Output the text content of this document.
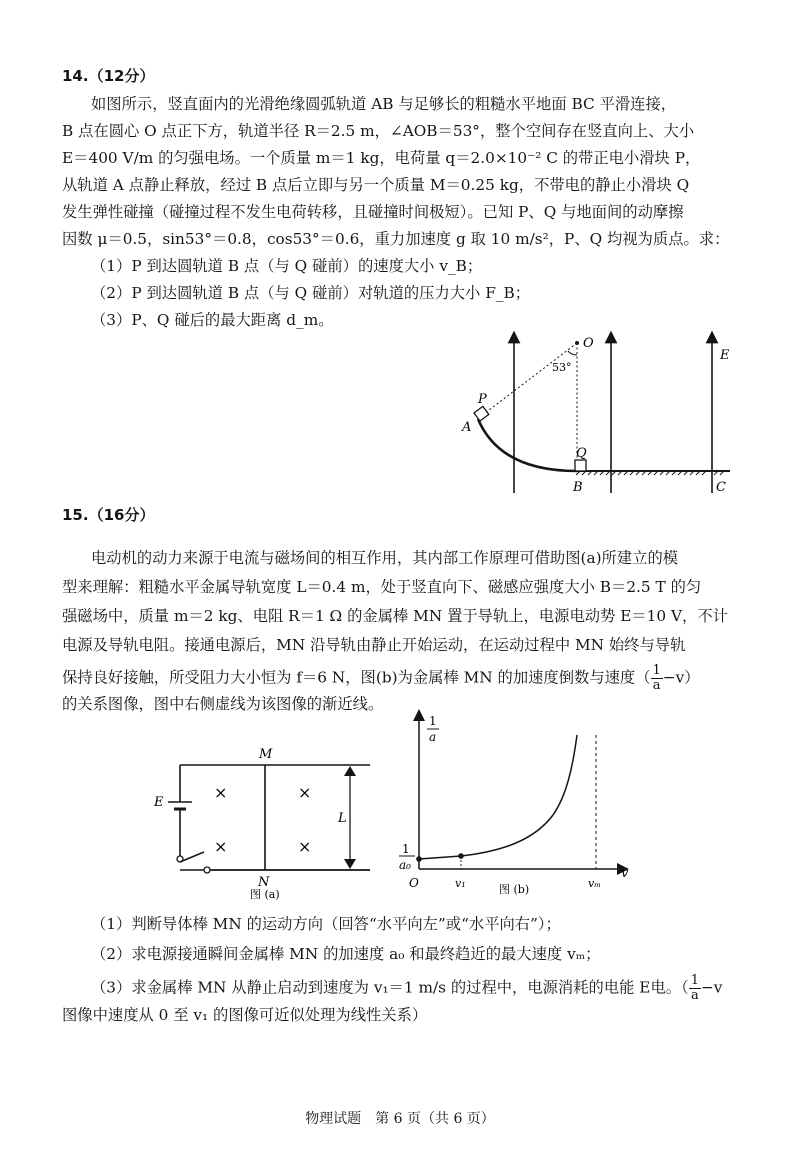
14.（12分）
如图所示，竖直面内的光滑绝缘圆弧轨道 AB 与足够长的粗糙水平地面 BC 平滑连接，
B 点在圆心 O 点正下方，轨道半径 R＝2.5 m，∠AOB＝53°，整个空间存在竖直向上、大小
E＝400 V/m 的匀强电场。一个质量 m＝1 kg，电荷量 q＝2.0×10⁻² C 的带正电小滑块 P，
从轨道 A 点静止释放，经过 B 点后立即与另一个质量 M＝0.25 kg，不带电的静止小滑块 Q
发生弹性碰撞（碰撞过程不发生电荷转移，且碰撞时间极短）。已知 P、Q 与地面间的动摩擦
因数 μ＝0.5，sin53°＝0.8，cos53°＝0.6，重力加速度 g 取 10 m/s²，P、Q 均视为质点。求：
（1）P 到达圆轨道 B 点（与 Q 碰前）的速度大小 v_B；
（2）P 到达圆轨道 B 点（与 Q 碰前）对轨道的压力大小 F_B；
（3）P、Q 碰后的最大距离 d_m。
O
53°
P
A
Q
B	C
E
15.（16分）
电动机的动力来源于电流与磁场间的相互作用，其内部工作原理可借助图(a)所建立的模
型来理解：粗糙水平金属导轨宽度 L＝0.4 m，处于竖直向下、磁感应强度大小 B＝2.5 T 的匀
强磁场中，质量 m＝2 kg、电阻 R＝1 Ω 的金属棒 MN 置于导轨上，电源电动势 E＝10 V，不计
电源及导轨电阻。接通电源后，MN 沿导轨由静止开始运动，在运动过程中 MN 始终与导轨
保持良好接触，所受阻力大小恒为 f＝6 N，图(b)为金属棒 MN 的加速度倒数与速度（ $\frac{1}{a} -v$）
的关系图像，图中右侧虚线为该图像的渐近线。
×	×
×	×
M
N
E
L
图 (a)
1
a
1
a₀
O	v₁	vₘ
v
图 (b)
（1）判断导体棒 MN 的运动方向（回答“水平向左”或“水平向右”）；
（2）求电源接通瞬间金属棒 MN 的加速度 a₀ 和最终趋近的最大速度 vₘ；
（3）求金属棒 MN 从静止启动到速度为 v₁＝1 m/s 的过程中，电源消耗的电能 E电。（ $\frac{1}{a} -v$
图像中速度从 0 至 v₁ 的图像可近似处理为线性关系）
物理试题　第 6 页（共 6 页）
